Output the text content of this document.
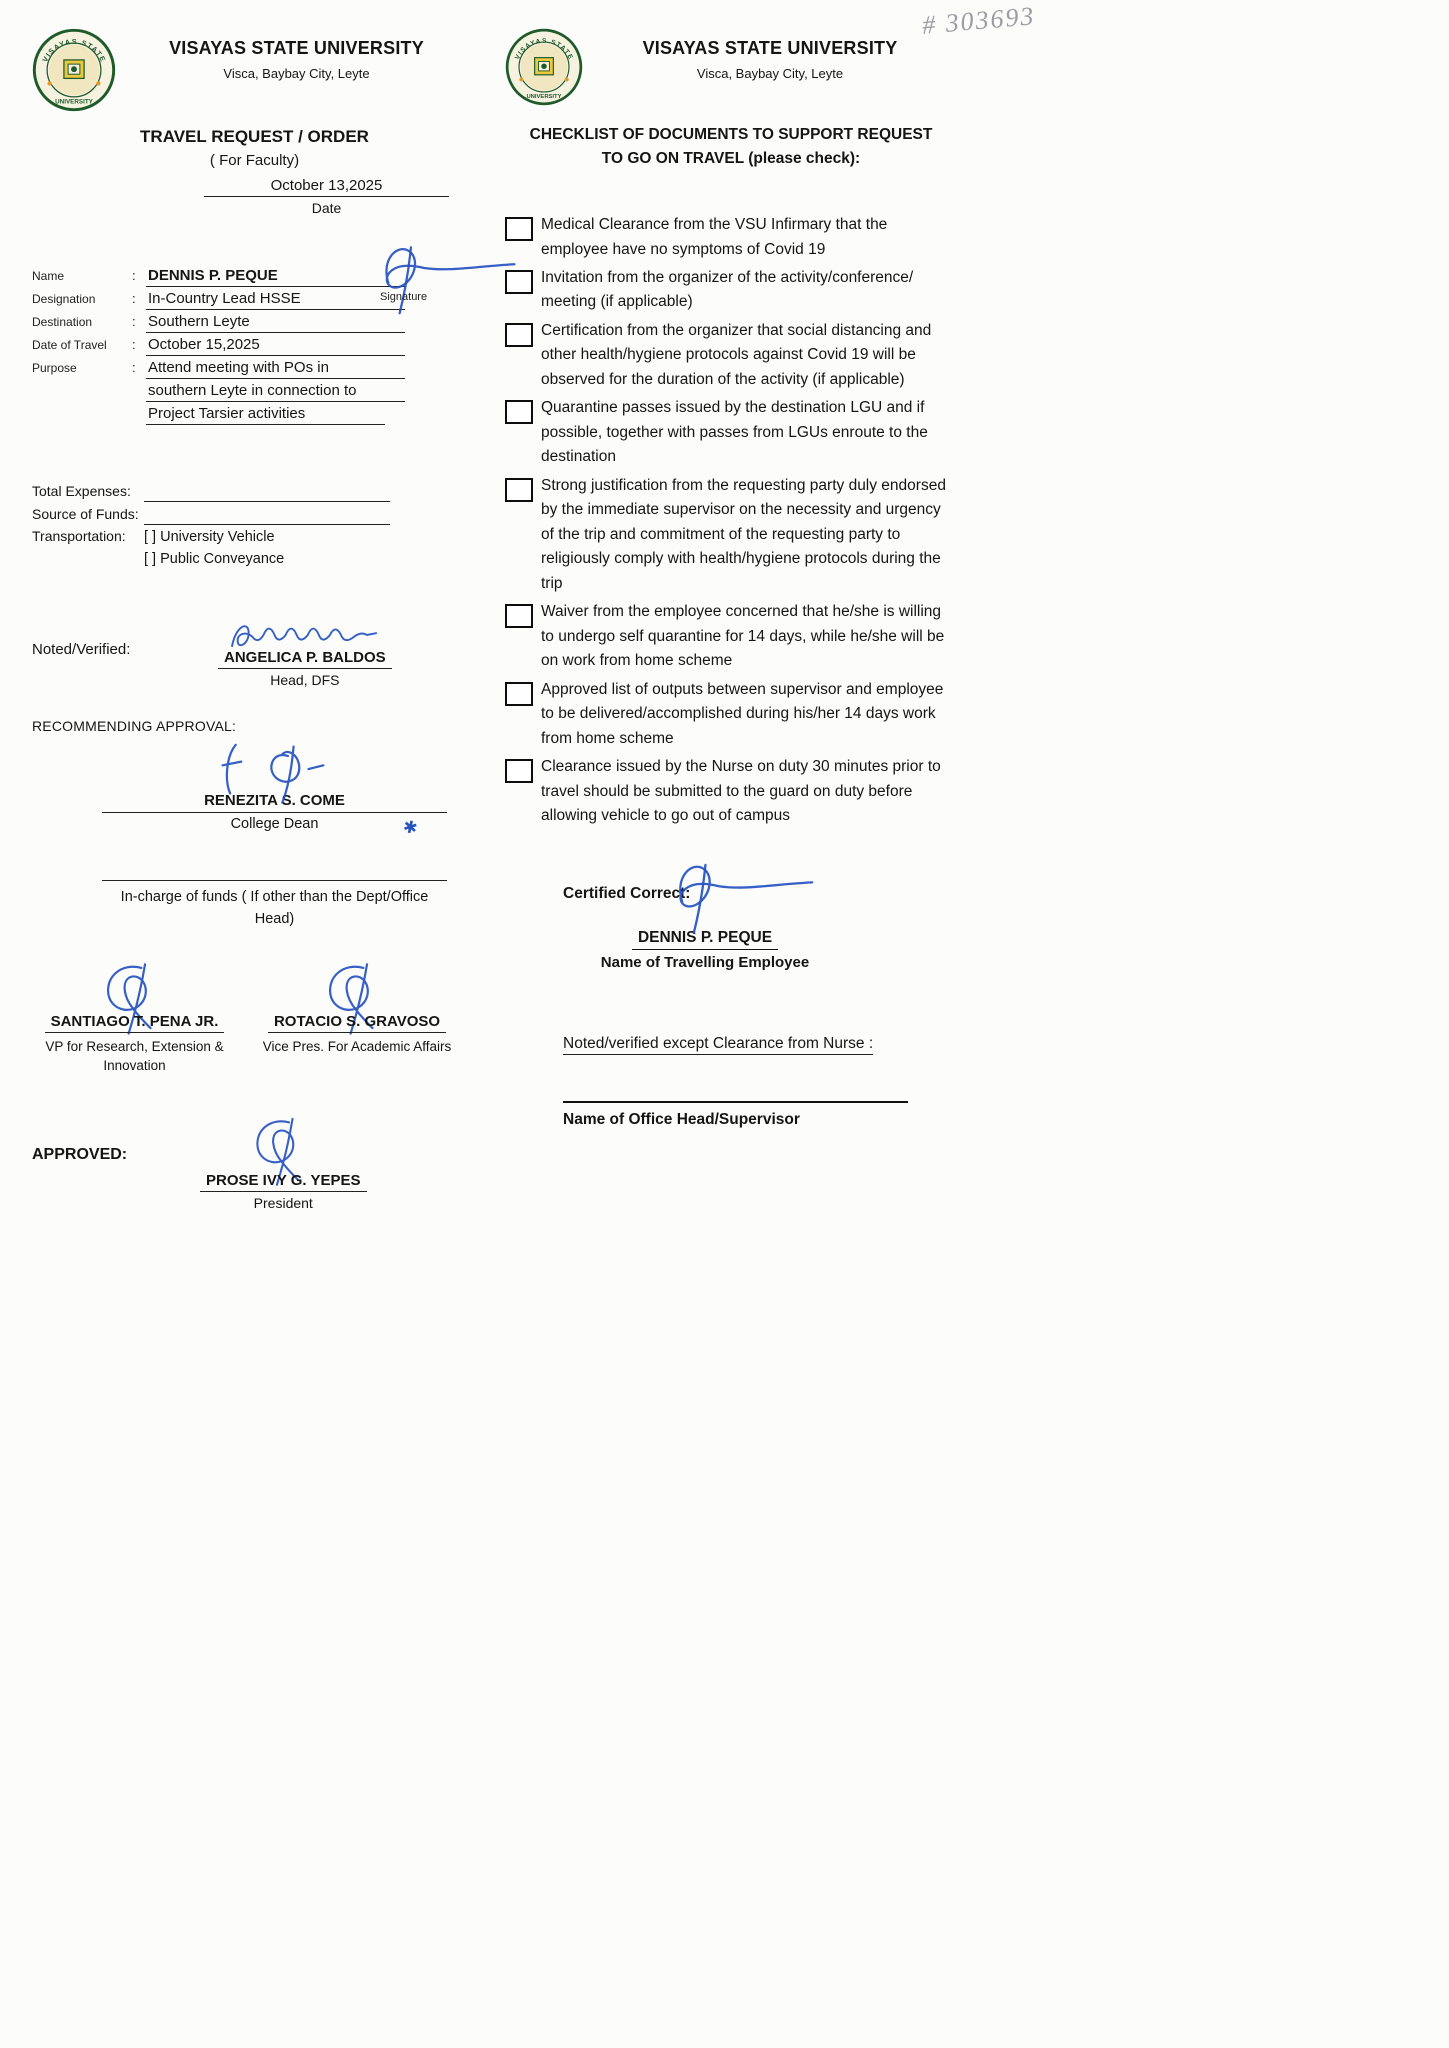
# 303693
VISAYAS STATE
UNIVERSITY
VISAYAS STATE UNIVERSITY
Visca, Baybay City, Leyte
TRAVEL REQUEST / ORDER
( For Faculty)
October 13,2025
Date
Signature
Name	: DENNIS P. PEQUE
Designation	: In-Country Lead HSSE
Destination	: Southern Leyte
Date of Travel	: October 15,2025
Purpose	: Attend meeting with POs in
southern Leyte in connection to
Project Tarsier activities
Total Expenses:
Source of Funds:
Transportation:	[ ] University Vehicle
[ ] Public Conveyance
Noted/Verified:	ANGELICA P. BALDOS
Head, DFS
RECOMMENDING APPROVAL:
RENEZITA S. COME
College Dean	✱
In-charge of funds ( If other than the Dept/Office Head)
SANTIAGO T. PENA JR.
VP for Research, Extension & Innovation
ROTACIO S. GRAVOSO
Vice Pres. For Academic Affairs
APPROVED:
PROSE IVY G. YEPES
President
VISAYAS STATE
UNIVERSITY
VISAYAS STATE UNIVERSITY
Visca, Baybay City, Leyte
CHECKLIST OF DOCUMENTS TO SUPPORT REQUEST
TO GO ON TRAVEL (please check):
Medical Clearance from the VSU Infirmary that the employee have no symptoms of Covid 19
Invitation from the organizer of the activity/conference/ meeting (if applicable)
Certification from the organizer that social distancing and other health/hygiene protocols against Covid 19 will be observed for the duration of the activity (if applicable)
Quarantine passes issued by the destination LGU and if possible, together with passes from LGUs enroute to the destination
Strong justification from the requesting party duly endorsed by the immediate supervisor on the necessity and urgency of the trip and commitment of the requesting party to religiously comply with health/hygiene protocols during the trip
Waiver from the employee concerned that he/she is willing to undergo self quarantine for 14 days, while he/she will be on work from home scheme
Approved list of outputs between supervisor and employee to be delivered/accomplished during his/her 14 days work from home scheme
Clearance issued by the Nurse on duty 30 minutes prior to travel should be submitted to the guard on duty before allowing vehicle to go out of campus
Certified Correct:
DENNIS P. PEQUE
Name of Travelling Employee
Noted/verified except Clearance from Nurse :
Name of Office Head/Supervisor
